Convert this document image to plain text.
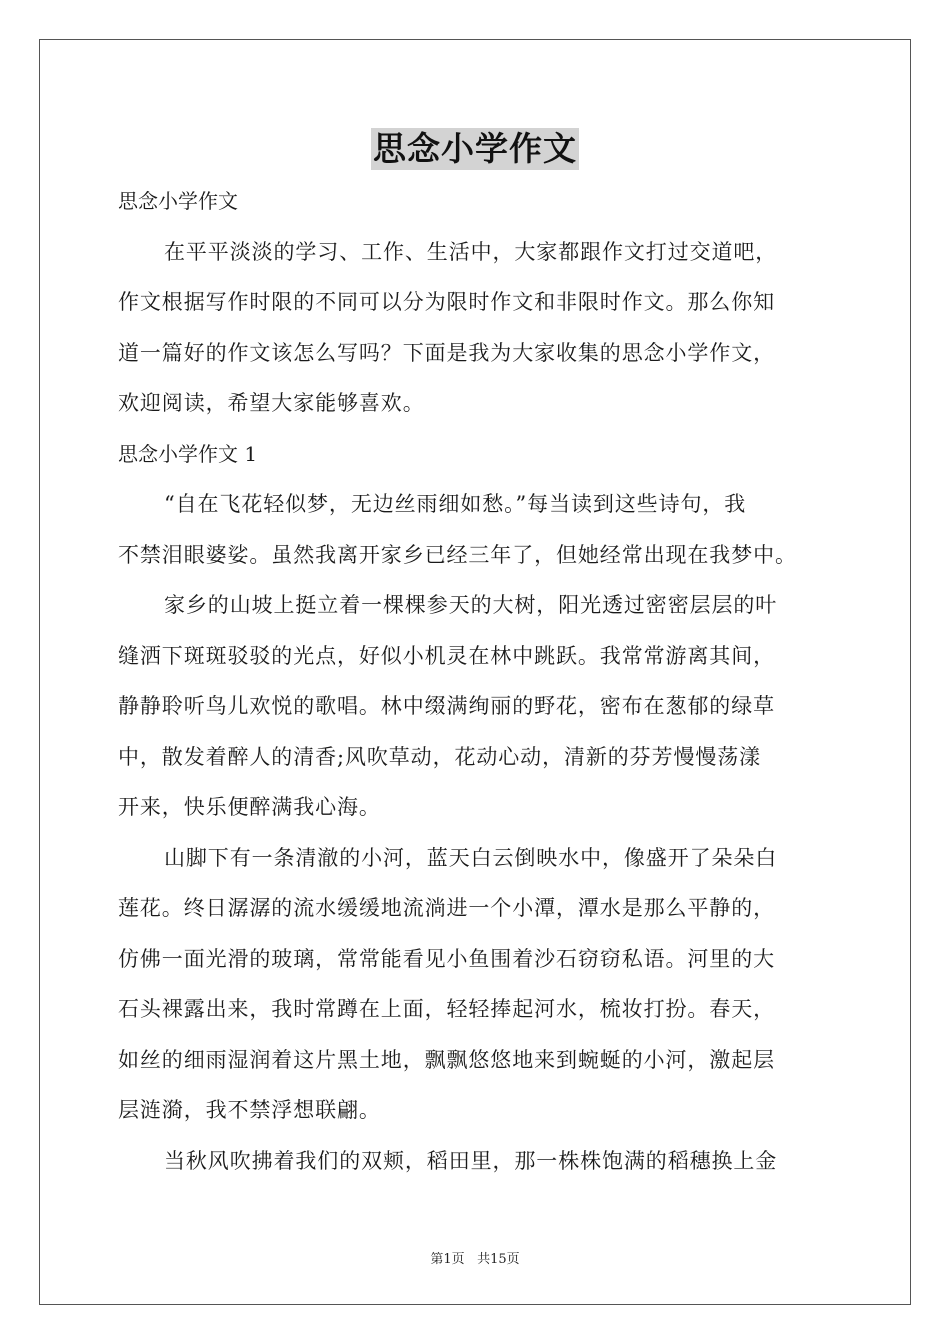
思念小学作文
思念小学作文
在平平淡淡的学习、工作、生活中，大家都跟作文打过交道吧，
作文根据写作时限的不同可以分为限时作文和非限时作文。那么你知
道一篇好的作文该怎么写吗？下面是我为大家收集的思念小学作文，
欢迎阅读，希望大家能够喜欢。
思念小学作文 1
“自在飞花轻似梦，无边丝雨细如愁。”每当读到这些诗句，我
不禁泪眼婆娑。虽然我离开家乡已经三年了，但她经常出现在我梦中。
家乡的山坡上挺立着一棵棵参天的大树，阳光透过密密层层的叶
缝洒下斑斑驳驳的光点，好似小机灵在林中跳跃。我常常游离其间，
静静聆听鸟儿欢悦的歌唱。林中缀满绚丽的野花，密布在葱郁的绿草
中，散发着醉人的清香;风吹草动，花动心动，清新的芬芳慢慢荡漾
开来，快乐便醉满我心海。
山脚下有一条清澈的小河，蓝天白云倒映水中，像盛开了朵朵白
莲花。终日潺潺的流水缓缓地流淌进一个小潭，潭水是那么平静的，
仿佛一面光滑的玻璃，常常能看见小鱼围着沙石窃窃私语。河里的大
石头裸露出来，我时常蹲在上面，轻轻捧起河水，梳妆打扮。春天，
如丝的细雨湿润着这片黑土地，飘飘悠悠地来到蜿蜒的小河，激起层
层涟漪，我不禁浮想联翩。
当秋风吹拂着我们的双颊，稻田里，那一株株饱满的稻穗换上金
第1页 共15页
